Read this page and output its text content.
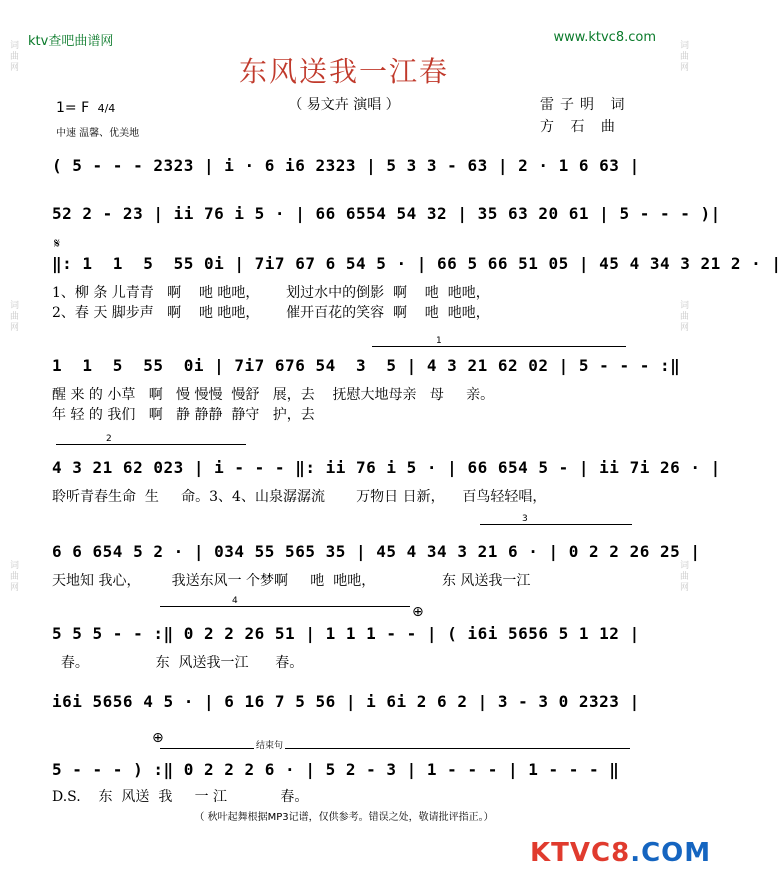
词曲网
词曲网
词曲网
词曲网
词曲网
词曲网
ktv查吧曲谱网	www.ktvc8.com
东风送我一江春
（ 易文卉 演唱 ）
1= F 4/4
中速 温馨、优美地
雷子明 词
方 石 曲
( 5 - - - 2323 | i · 6 i6 2323 | 5 3 3 - 63 | 2 · 1 6 63 |
52 2 - 23 | ii 76 i 5 · | 66 6554 54 32 | 35 63 20 61 | 5 - - - )|
𝄋
‖: 1  1  5  55 0i | 7i7 67 6 54 5 · | 66 5 66 51 05 | 45 4 34 3 21 2 · |
1、柳 条 儿青青   啊    吔 吔吔，      划过水中的倒影  啊    吔  吔吔，
2、春 天 脚步声   啊    吔 吔吔，      催开百花的笑容  啊    吔  吔吔，
1
1  1  5  55  0i | 7i7 676 54  3  5 | 4 3 21 62 02 | 5 - - - :‖
醒 来 的 小草   啊   慢 慢慢  慢舒   展，去    抚慰大地母亲   母     亲。
年 轻 的 我们   啊   静 静静  静守   护，去
2
4 3 21 62 023 | i - - - ‖: ii 76 i 5 · | 66 654 5 - | ii 7i 26 · |
聆听青春生命  生     命。3、4、山泉潺潺流       万物日 日新，    百鸟轻轻唱，
3
6 6 654 5 2 · | 034 55 565 35 | 45 4 34 3 21 6 · | 0 2 2 26 25 |
天地知 我心，       我送东风一 个梦啊     吔  吔吔，               东 风送我一江
4
⊕
5 5 5 - - :‖ 0 2 2 26 51 | 1 1 1 - - | ( i6i 5656 5 1 12 |
春。               东  风送我一江      春。
i6i 5656 4 5 · | 6 16 7 5 56 | i 6i 2 6 2 | 3 - 3 0 2323 |
⊕	结束句
5 - - - ) :‖ 0 2 2 2 6 · | 5 2 - 3 | 1 - - - | 1 - - - ‖
D.S.    东  风送  我     一 江            春。
（ 秋叶起舞根据MP3记谱，仅供参考。错误之处，敬请批评指正。）
KTVC8.COM
